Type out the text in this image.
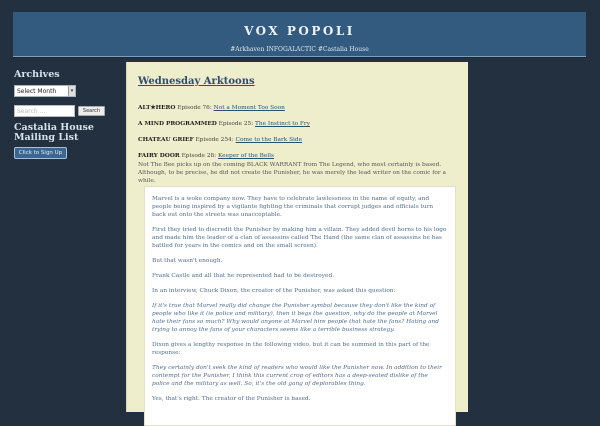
VOX POPOLI
#Arkhaven INFOGALACTIC #Castalia House
Archives
Select Month	▾
Search ...	Search
Castalia House
Mailing List
Click to Sign Up
Wednesday Arktoons
ALT★HERO Episode 76: Not a Moment Too Soon
A MIND PROGRAMMED Episode 25: The Instinct to Fry
CHATEAU GRIEF Episode 254: Come to the Bark Side
FAIRY DOOR Episode 28: Keeper of the Bells
Not The Bee picks up on the coming BLACK WARRANT from The Legend, who most certainly is based. Although, to be precise, he did not create the Punisher, he was merely the lead writer on the comic for a while.

Marvel is a woke company now. They have to celebrate lawlessness in the name of equity, and people being inspired by a vigilante fighting the criminals that corrupt judges and officials turn back out onto the streets was unacceptable.

First they tried to discredit the Punisher by making him a villain. They added devil horns to his logo and made him the leader of a clan of assassins called The Hand (the same clan of assassins he has battled for years in the comics and on the small screen).

But that wasn't enough.

Frank Castle and all that he represented had to be destroyed.

In an interview, Chuck Dixon, the creator of the Punisher, was asked this question:

If it's true that Marvel really did change the Punisher symbol because they don't like the kind of people who like it (ie police and military), then it begs the question, why do the people at Marvel hate their fans so much? Why would anyone at Marvel hire people that hate the fans? Hating and trying to annoy the fans of your characters seems like a terrible business strategy.

Dixon gives a lengthy response in the following video, but it can be summed in this part of the response:

They certainly don't seek the kind of readers who would like the Punisher now. In addition to their contempt for the Punisher, I think this current crop of editors has a deep-seated dislike of the police and the military as well. So, it's the old gang of deplorables thing.

Yes, that's right. The creator of the Punisher is based.
